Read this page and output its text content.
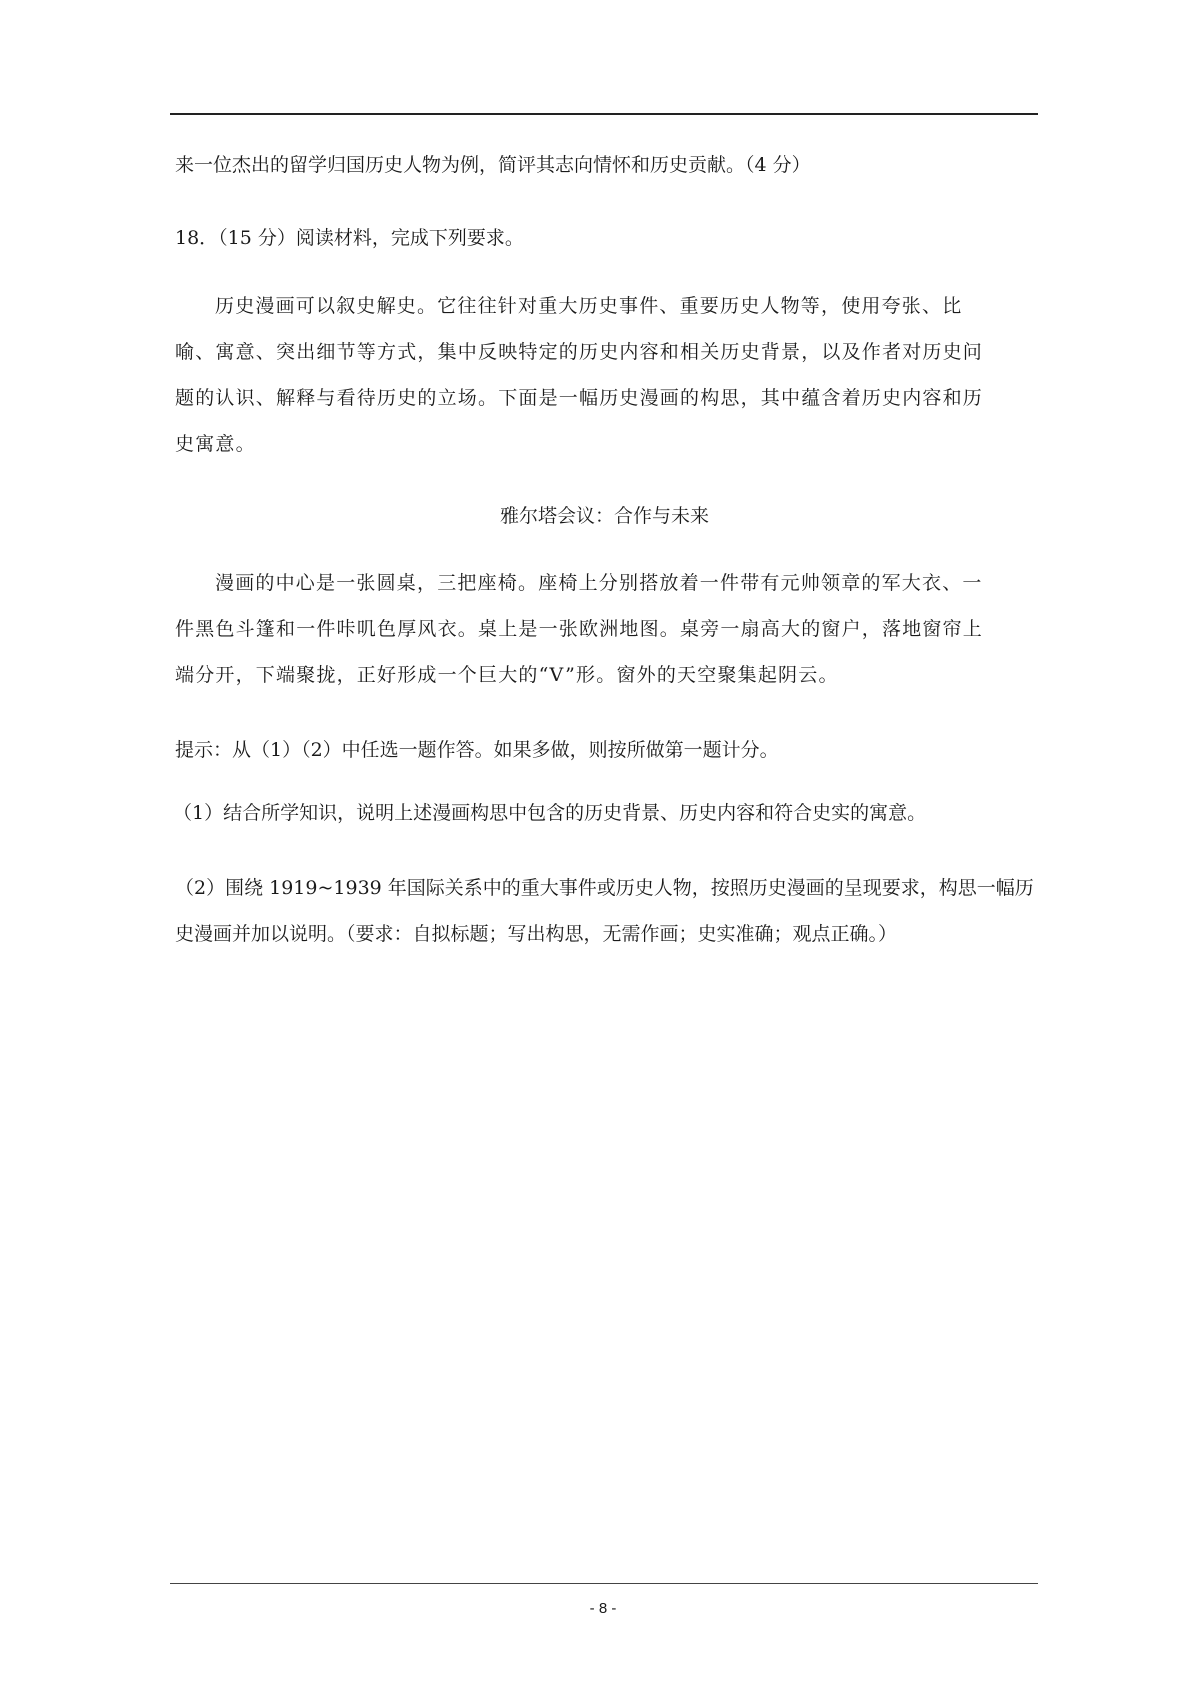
来一位杰出的留学归国历史人物为例，简评其志向情怀和历史贡献。（4 分）
18．（15 分）阅读材料，完成下列要求。

历史漫画可以叙史解史。它往往针对重大历史事件、重要历史人物等，使用夸张、比喻、寓意、突出细节等方式，集中反映特定的历史内容和相关历史背景，以及作者对历史问题的认识、解释与看待历史的立场。下面是一幅历史漫画的构思，其中蕴含着历史内容和历史寓意。

雅尔塔会议：合作与未来

漫画的中心是一张圆桌，三把座椅。座椅上分别搭放着一件带有元帅领章的军大衣、一件黑色斗篷和一件咔叽色厚风衣。桌上是一张欧洲地图。桌旁一扇高大的窗户，落地窗帘上端分开，下端聚拢，正好形成一个巨大的“V”形。窗外的天空聚集起阴云。

提示：从（1）（2）中任选一题作答。如果多做，则按所做第一题计分。
（1）结合所学知识，说明上述漫画构思中包含的历史背景、历史内容和符合史实的寓意。

（2）围绕 1919~1939 年国际关系中的重大事件或历史人物，按照历史漫画的呈现要求，构思一幅历史漫画并加以说明。（要求：自拟标题；写出构思，无需作画；史实准确；观点正确。）

- 8 -
